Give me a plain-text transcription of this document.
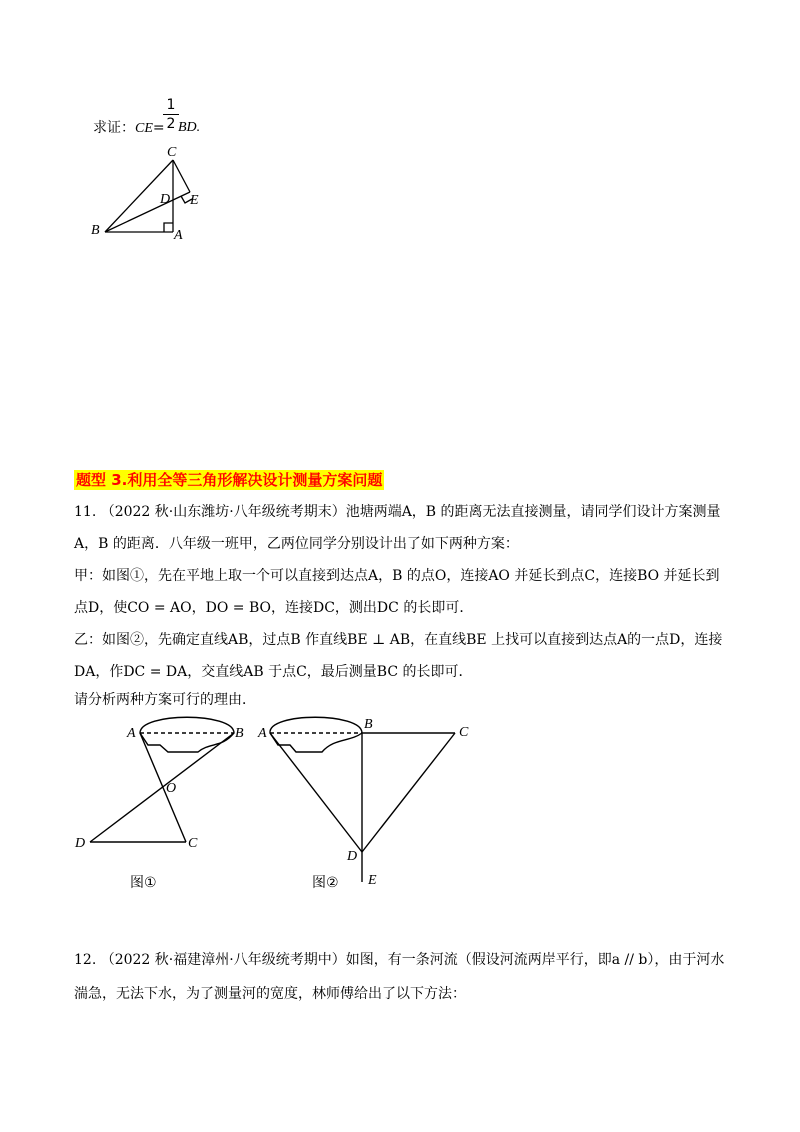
求证：CE=
1
2 BD.
C
D E
B	A
题型 3.利用全等三角形解决设计测量方案问题
11. （2022 秋·山东潍坊·八年级统考期末）池塘两端A，B 的距离无法直接测量，请同学们设计方案测量
A，B 的距离．八年级一班甲，乙两位同学分别设计出了如下两种方案：
甲：如图①，先在平地上取一个可以直接到达点A，B 的点O，连接AO 并延长到点C，连接BO 并延长到
点D，使CO = AO，DO = BO，连接DC，测出DC 的长即可．
乙：如图②，先确定直线AB，过点B 作直线BE ⊥ AB，在直线BE 上找可以直接到达点A的一点D，连接
DA，作DC = DA，交直线AB 于点C，最后测量BC 的长即可．
请分析两种方案可行的理由．
A	B
O
D	C
图①
A
B
C
D
E
图②
12. （2022 秋·福建漳州·八年级统考期中）如图，有一条河流（假设河流两岸平行，即a // b），由于河水
湍急，无法下水，为了测量河的宽度，林师傅给出了以下方法：
